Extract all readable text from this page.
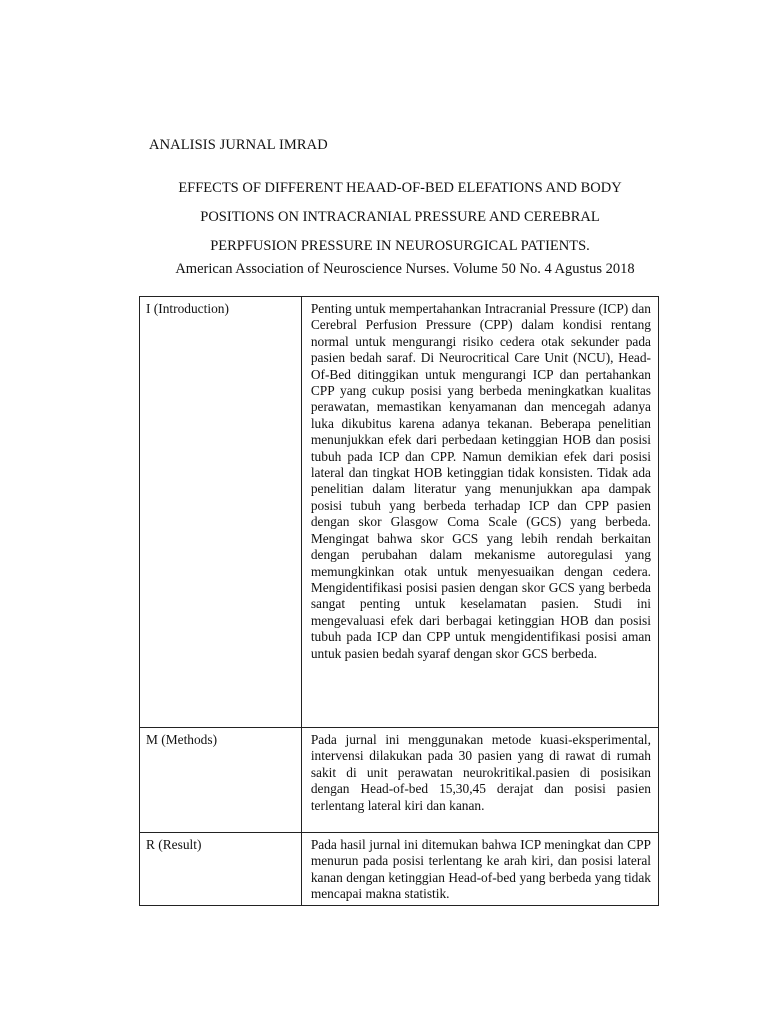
ANALISIS JURNAL IMRAD
EFFECTS OF DIFFERENT HEAAD-OF-BED ELEFATIONS AND BODY
POSITIONS ON INTRACRANIAL PRESSURE AND CEREBRAL
PERPFUSION PRESSURE IN NEUROSURGICAL PATIENTS.
American Association of Neuroscience Nurses. Volume 50 No. 4 Agustus 2018
I (Introduction)	Penting untuk mempertahankan Intracranial Pressure (ICP) dan Cerebral Perfusion Pressure (CPP) dalam kondisi rentang normal untuk mengurangi risiko cedera otak sekunder pada pasien bedah saraf. Di Neurocritical Care Unit (NCU), Head-Of-Bed ditinggikan untuk mengurangi ICP dan pertahankan CPP yang cukup posisi yang berbeda meningkatkan kualitas perawatan, memastikan kenyamanan dan mencegah adanya luka dikubitus karena adanya tekanan. Beberapa penelitian menunjukkan efek dari perbedaan ketinggian HOB dan posisi tubuh pada ICP dan CPP. Namun demikian efek dari posisi lateral dan tingkat HOB ketinggian tidak konsisten. Tidak ada penelitian dalam literatur yang menunjukkan apa dampak posisi tubuh yang berbeda terhadap ICP dan CPP pasien dengan skor Glasgow Coma Scale (GCS) yang berbeda. Mengingat bahwa skor GCS yang lebih rendah berkaitan dengan perubahan dalam mekanisme autoregulasi yang memungkinkan otak untuk menyesuaikan dengan cedera. Mengidentifikasi posisi pasien dengan skor GCS yang berbeda sangat penting untuk keselamatan pasien. Studi ini mengevaluasi efek dari berbagai ketinggian HOB dan posisi tubuh pada ICP dan CPP untuk mengidentifikasi posisi aman untuk pasien bedah syaraf dengan skor GCS berbeda.

M (Methods)	Pada jurnal ini menggunakan metode kuasi-eksperimental, intervensi dilakukan pada 30 pasien yang di rawat di rumah sakit di unit perawatan neurokritikal.pasien di posisikan dengan Head-of-bed 15,30,45 derajat dan posisi pasien terlentang lateral kiri dan kanan.

R (Result)	Pada hasil jurnal ini ditemukan bahwa ICP meningkat dan CPP menurun pada posisi terlentang ke arah kiri, dan posisi lateral kanan dengan ketinggian Head-of-bed yang berbeda yang tidak mencapai makna statistik.
